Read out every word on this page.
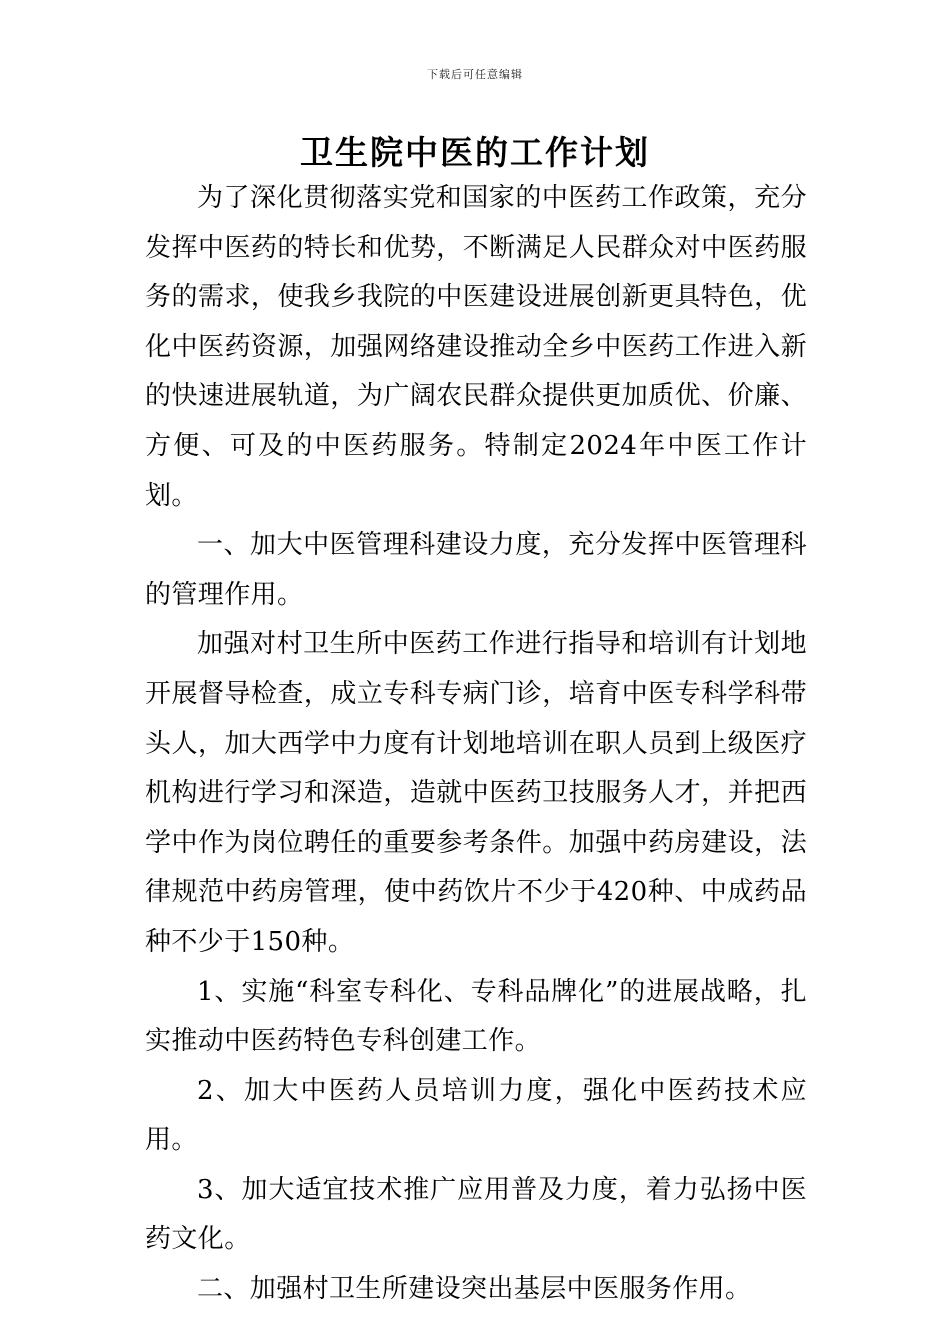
下载后可任意编辑
卫生院中医的工作计划

为了深化贯彻落实党和国家的中医药工作政策，充分发挥中医药的特长和优势，不断满足人民群众对中医药服务的需求，使我乡我院的中医建设进展创新更具特色，优化中医药资源，加强网络建设推动全乡中医药工作进入新的快速进展轨道，为广阔农民群众提供更加质优、价廉、方便、可及的中医药服务。特制定2024年中医工作计划。

一、加大中医管理科建设力度，充分发挥中医管理科的管理作用。

加强对村卫生所中医药工作进行指导和培训有计划地开展督导检查，成立专科专病门诊，培育中医专科学科带头人，加大西学中力度有计划地培训在职人员到上级医疗机构进行学习和深造，造就中医药卫技服务人才，并把西学中作为岗位聘任的重要参考条件。加强中药房建设，法律规范中药房管理，使中药饮片不少于420种、中成药品种不少于150种。

1、实施“科室专科化、专科品牌化”的进展战略，扎实推动中医药特色专科创建工作。

2、加大中医药人员培训力度，强化中医药技术应用。

3、加大适宜技术推广应用普及力度，着力弘扬中医药文化。

二、加强村卫生所建设突出基层中医服务作用。
